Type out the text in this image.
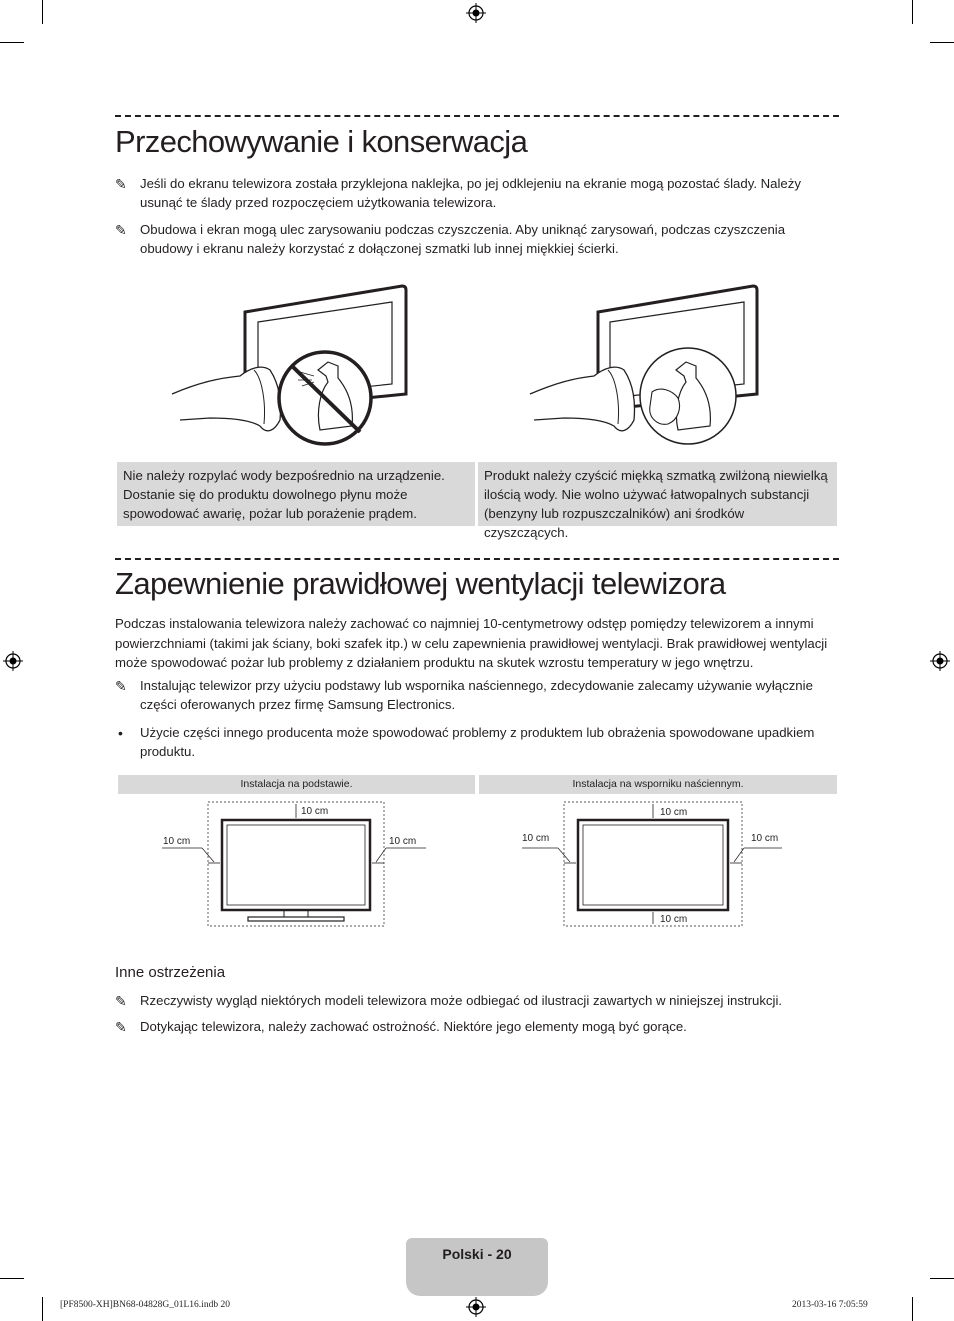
Przechowywanie i konserwacja
✎ Jeśli do ekranu telewizora została przyklejona naklejka, po jej odklejeniu na ekranie mogą pozostać ślady. Należy usunąć te ślady przed rozpoczęciem użytkowania telewizora.
✎ Obudowa i ekran mogą ulec zarysowaniu podczas czyszczenia. Aby uniknąć zarysowań, podczas czyszczenia obudowy i ekranu należy korzystać z dołączonej szmatki lub innej miękkiej ścierki.
Nie należy rozpylać wody bezpośrednio na urządzenie. Dostanie się do produktu dowolnego płynu może spowodować awarię, pożar lub porażenie prądem.
Produkt należy czyścić miękką szmatką zwilżoną niewielką ilością wody. Nie wolno używać łatwopalnych substancji (benzyny lub rozpuszczalników) ani środków czyszczących.
Zapewnienie prawidłowej wentylacji telewizora
Podczas instalowania telewizora należy zachować co najmniej 10-centymetrowy odstęp pomiędzy telewizorem a innymi powierzchniami (takimi jak ściany, boki szafek itp.) w celu zapewnienia prawidłowej wentylacji. Brak prawidłowej wentylacji może spowodować pożar lub problemy z działaniem produktu na skutek wzrostu temperatury w jego wnętrzu.
✎ Instalując telewizor przy użyciu podstawy lub wspornika naściennego, zdecydowanie zalecamy używanie wyłącznie części oferowanych przez firmę Samsung Electronics.
• Użycie części innego producenta może spowodować problemy z produktem lub obrażenia spowodowane upadkiem produktu.
Instalacja na podstawie.	Instalacja na wsporniku naściennym.
10 cm
10 cm	10 cm
10 cm
10 cm	10 cm
10 cm
Inne ostrzeżenia
✎ Rzeczywisty wygląd niektórych modeli telewizora może odbiegać od ilustracji zawartych w niniejszej instrukcji.
✎ Dotykając telewizora, należy zachować ostrożność. Niektóre jego elementy mogą być gorące.
Polski - 20
[PF8500-XH]BN68-04828G_01L16.indb 20	2013-03-16 7:05:59
